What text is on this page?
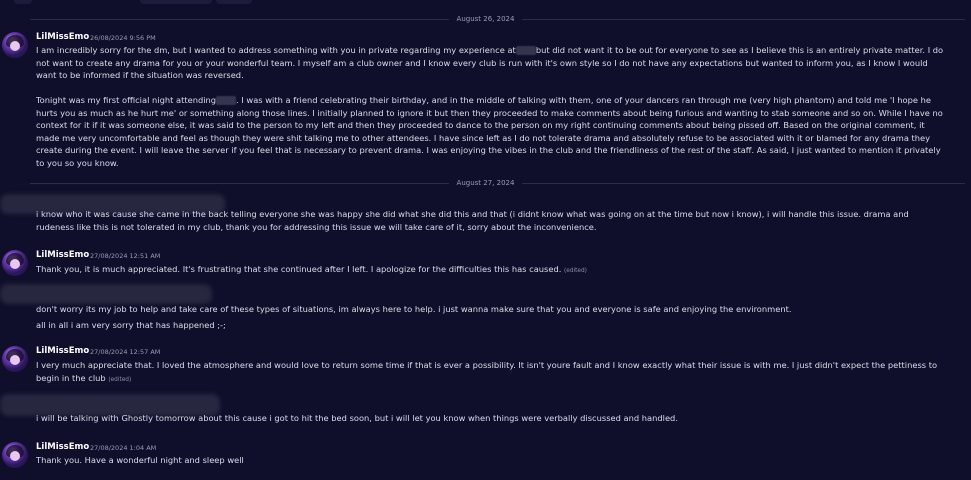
August 26, 2024
LilMissEmo 26/08/2024 9:56 PM
I am incredibly sorry for the dm, but I wanted to address something with you in private regarding my experience at but did not want it to be out for everyone to see as I believe this is an entirely private matter. I do not want to create any drama for you or your wonderful team. I myself am a club owner and I know every club is run with it's own style so I do not have any expectations but wanted to inform you, as I know I would want to be informed if the situation was reversed.
Tonight was my first official night attending . I was with a friend celebrating their birthday, and in the middle of talking with them, one of your dancers ran through me (very high phantom) and told me 'I hope he hurts you as much as he hurt me' or something along those lines. I initially planned to ignore it but then they proceeded to make comments about being furious and wanting to stab someone and so on. While I have no context for it if it was someone else, it was said to the person to my left and then they proceeded to dance to the person on my right continuing comments about being pissed off. Based on the original comment, it made me very uncomfortable and feel as though they were shit talking me to other attendees. I have since left as I do not tolerate drama and absolutely refuse to be associated with it or blamed for any drama they create during the event. I will leave the server if you feel that is necessary to prevent drama. I was enjoying the vibes in the club and the friendliness of the rest of the staff. As said, I just wanted to mention it privately to you so you know.
August 27, 2024
i know who it was cause she came in the back telling everyone she was happy she did what she did this and that (i didnt know what was going on at the time but now i know), i will handle this issue. drama and rudeness like this is not tolerated in my club, thank you for addressing this issue we will take care of it, sorry about the inconvenience.
LilMissEmo 27/08/2024 12:51 AM
Thank you, it is much appreciated. It's frustrating that she continued after I left. I apologize for the difficulties this has caused. (edited)
don't worry its my job to help and take care of these types of situations, im always here to help. i just wanna make sure that you and everyone is safe and enjoying the environment.
all in all i am very sorry that has happened ;-;
LilMissEmo 27/08/2024 12:57 AM
I very much appreciate that. I loved the atmosphere and would love to return some time if that is ever a possibility. It isn't youre fault and I know exactly what their issue is with me. I just didn't expect the pettiness to begin in the club (edited)
i will be talking with Ghostly tomorrow about this cause i got to hit the bed soon, but i will let you know when things were verbally discussed and handled.
LilMissEmo 27/08/2024 1:04 AM
Thank you. Have a wonderful night and sleep well
